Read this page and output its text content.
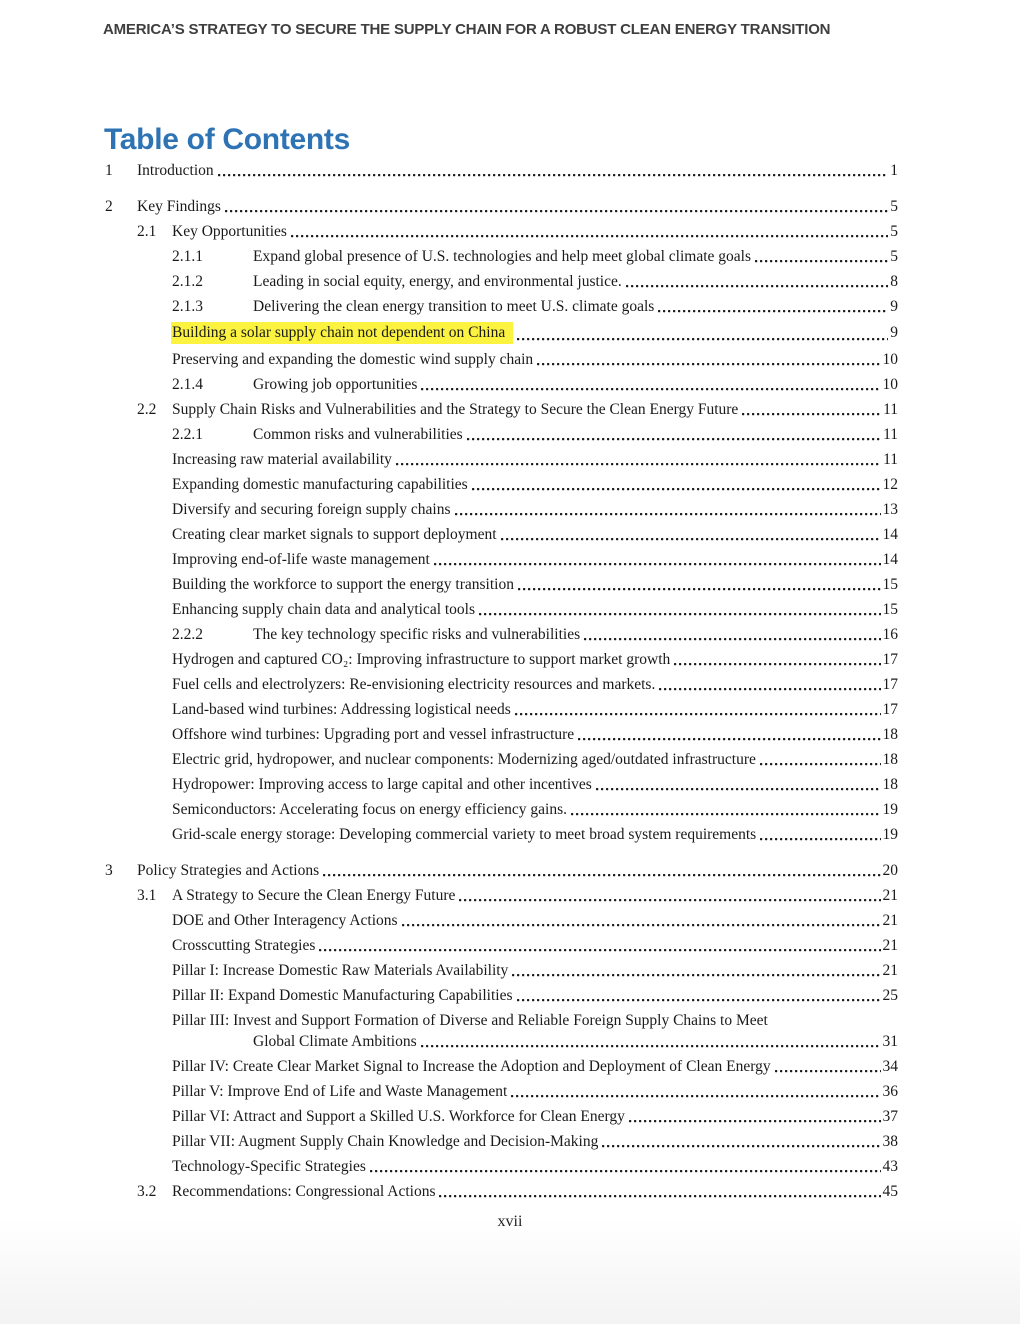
AMERICA’S STRATEGY TO SECURE THE SUPPLY CHAIN FOR A ROBUST CLEAN ENERGY TRANSITION
Table of Contents
1	Introduction	1
2	Key Findings	5
2.1	Key Opportunities	5
2.1.1	Expand global presence of U.S. technologies and help meet global climate goals	5
2.1.2	Leading in social equity, energy, and environmental justice.	8
2.1.3	Delivering the clean energy transition to meet U.S. climate goals	9
Building a solar supply chain not dependent on China	9
Preserving and expanding the domestic wind supply chain	10
2.1.4	Growing job opportunities	10
2.2	Supply Chain Risks and Vulnerabilities and the Strategy to Secure the Clean Energy Future	11
2.2.1	Common risks and vulnerabilities	11
Increasing raw material availability	11
Expanding domestic manufacturing capabilities	12
Diversify and securing foreign supply chains	13
Creating clear market signals to support deployment	14
Improving end-of-life waste management	14
Building the workforce to support the energy transition	15
Enhancing supply chain data and analytical tools	15
2.2.2	The key technology specific risks and vulnerabilities	16
Hydrogen and captured CO₂: Improving infrastructure to support market growth	17
Fuel cells and electrolyzers: Re-envisioning electricity resources and markets.	17
Land-based wind turbines: Addressing logistical needs	17
Offshore wind turbines: Upgrading port and vessel infrastructure	18
Electric grid, hydropower, and nuclear components: Modernizing aged/outdated infrastructure	18
Hydropower: Improving access to large capital and other incentives	18
Semiconductors: Accelerating focus on energy efficiency gains.	19
Grid-scale energy storage: Developing commercial variety to meet broad system requirements	19
3	Policy Strategies and Actions	20
3.1	A Strategy to Secure the Clean Energy Future	21
DOE and Other Interagency Actions	21
Crosscutting Strategies	21
Pillar I: Increase Domestic Raw Materials Availability	21
Pillar II: Expand Domestic Manufacturing Capabilities	25
Pillar III: Invest and Support Formation of Diverse and Reliable Foreign Supply Chains to Meet
Global Climate Ambitions	31
Pillar IV: Create Clear Market Signal to Increase the Adoption and Deployment of Clean Energy	34
Pillar V: Improve End of Life and Waste Management	36
Pillar VI: Attract and Support a Skilled U.S. Workforce for Clean Energy	37
Pillar VII: Augment Supply Chain Knowledge and Decision-Making	38
Technology-Specific Strategies	43
3.2	Recommendations: Congressional Actions	45
xvii
